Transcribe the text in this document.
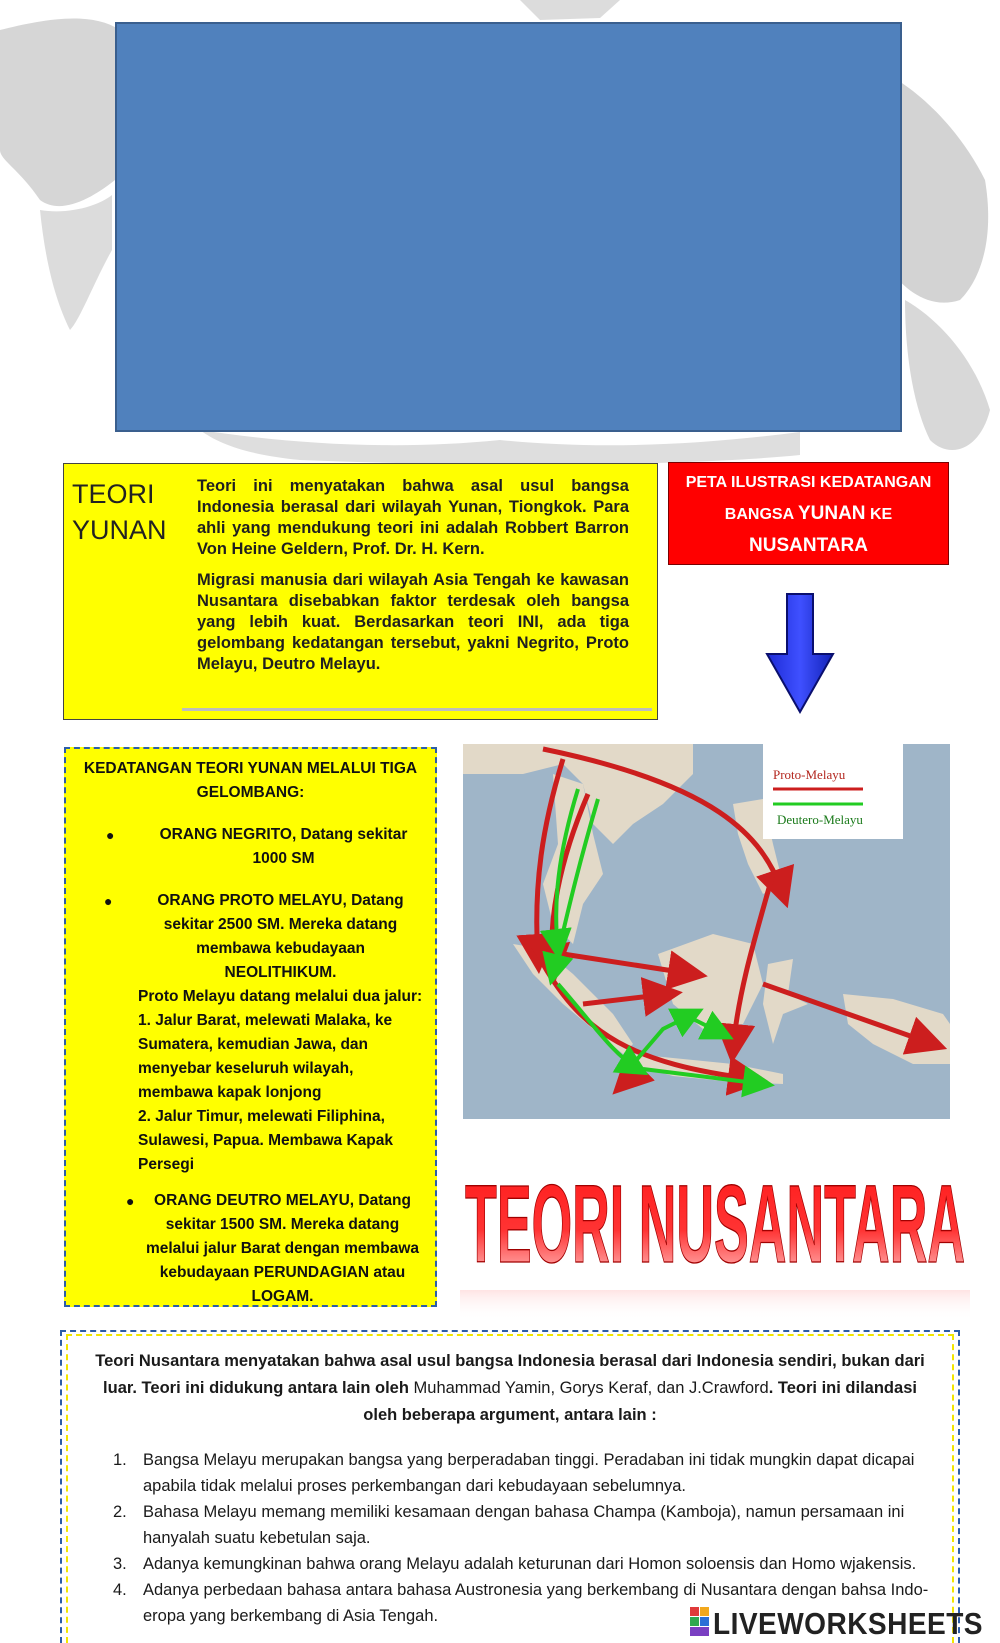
TEORI
YUNAN

Teori ini menyatakan bahwa asal usul bangsa Indonesia berasal dari wilayah Yunan, Tiongkok. Para ahli yang mendukung teori ini adalah Robbert Barron Von Heine Geldern, Prof. Dr. H. Kern.

Migrasi manusia dari wilayah Asia Tengah ke kawasan Nusantara disebabkan faktor terdesak oleh bangsa yang lebih kuat. Berdasarkan teori INI, ada tiga gelombang kedatangan tersebut, yakni Negrito, Proto Melayu, Deutro Melayu.

PETA ILUSTRASI KEDATANGAN
BANGSA YUNAN KE
NUSANTARA
KEDATANGAN TEORI YUNAN MELALUI TIGA GELOMBANG:
●	ORANG NEGRITO, Datang sekitar 1000 SM
●	ORANG PROTO MELAYU, Datang sekitar 2500 SM. Mereka datang membawa kebudayaan NEOLITHIKUM.
Proto Melayu datang melalui dua jalur:
1. Jalur Barat, melewati Malaka, ke Sumatera, kemudian Jawa, dan menyebar keseluruh wilayah, membawa kapak lonjong
2. Jalur Timur, melewati Filiphina, Sulawesi, Papua. Membawa Kapak Persegi
● ORANG DEUTRO MELAYU, Datang sekitar 1500 SM. Mereka datang melalui jalur Barat dengan membawa kebudayaan PERUNDAGIAN atau LOGAM.
Proto-Melayu
Deutero-Melayu
TEORI NUSANTARA
Teori Nusantara menyatakan bahwa asal usul bangsa Indonesia berasal dari Indonesia sendiri, bukan dari luar. Teori ini didukung antara lain oleh Muhammad Yamin, Gorys Keraf, dan J.Crawford. Teori ini dilandasi oleh beberapa argument, antara lain :
1. Bangsa Melayu merupakan bangsa yang berperadaban tinggi. Peradaban ini tidak mungkin dapat dicapai apabila tidak melalui proses perkembangan dari kebudayaan sebelumnya.
2. Bahasa Melayu memang memiliki kesamaan dengan bahasa Champa (Kamboja), namun persamaan ini hanyalah suatu kebetulan saja.
3. Adanya kemungkinan bahwa orang Melayu adalah keturunan dari Homon soloensis dan Homo wjakensis.
4. Adanya perbedaan bahasa antara bahasa Austronesia yang berkembang di Nusantara dengan bahsa Indo-eropa yang berkembang di Asia Tengah.	LIVEWORKSHEETS
